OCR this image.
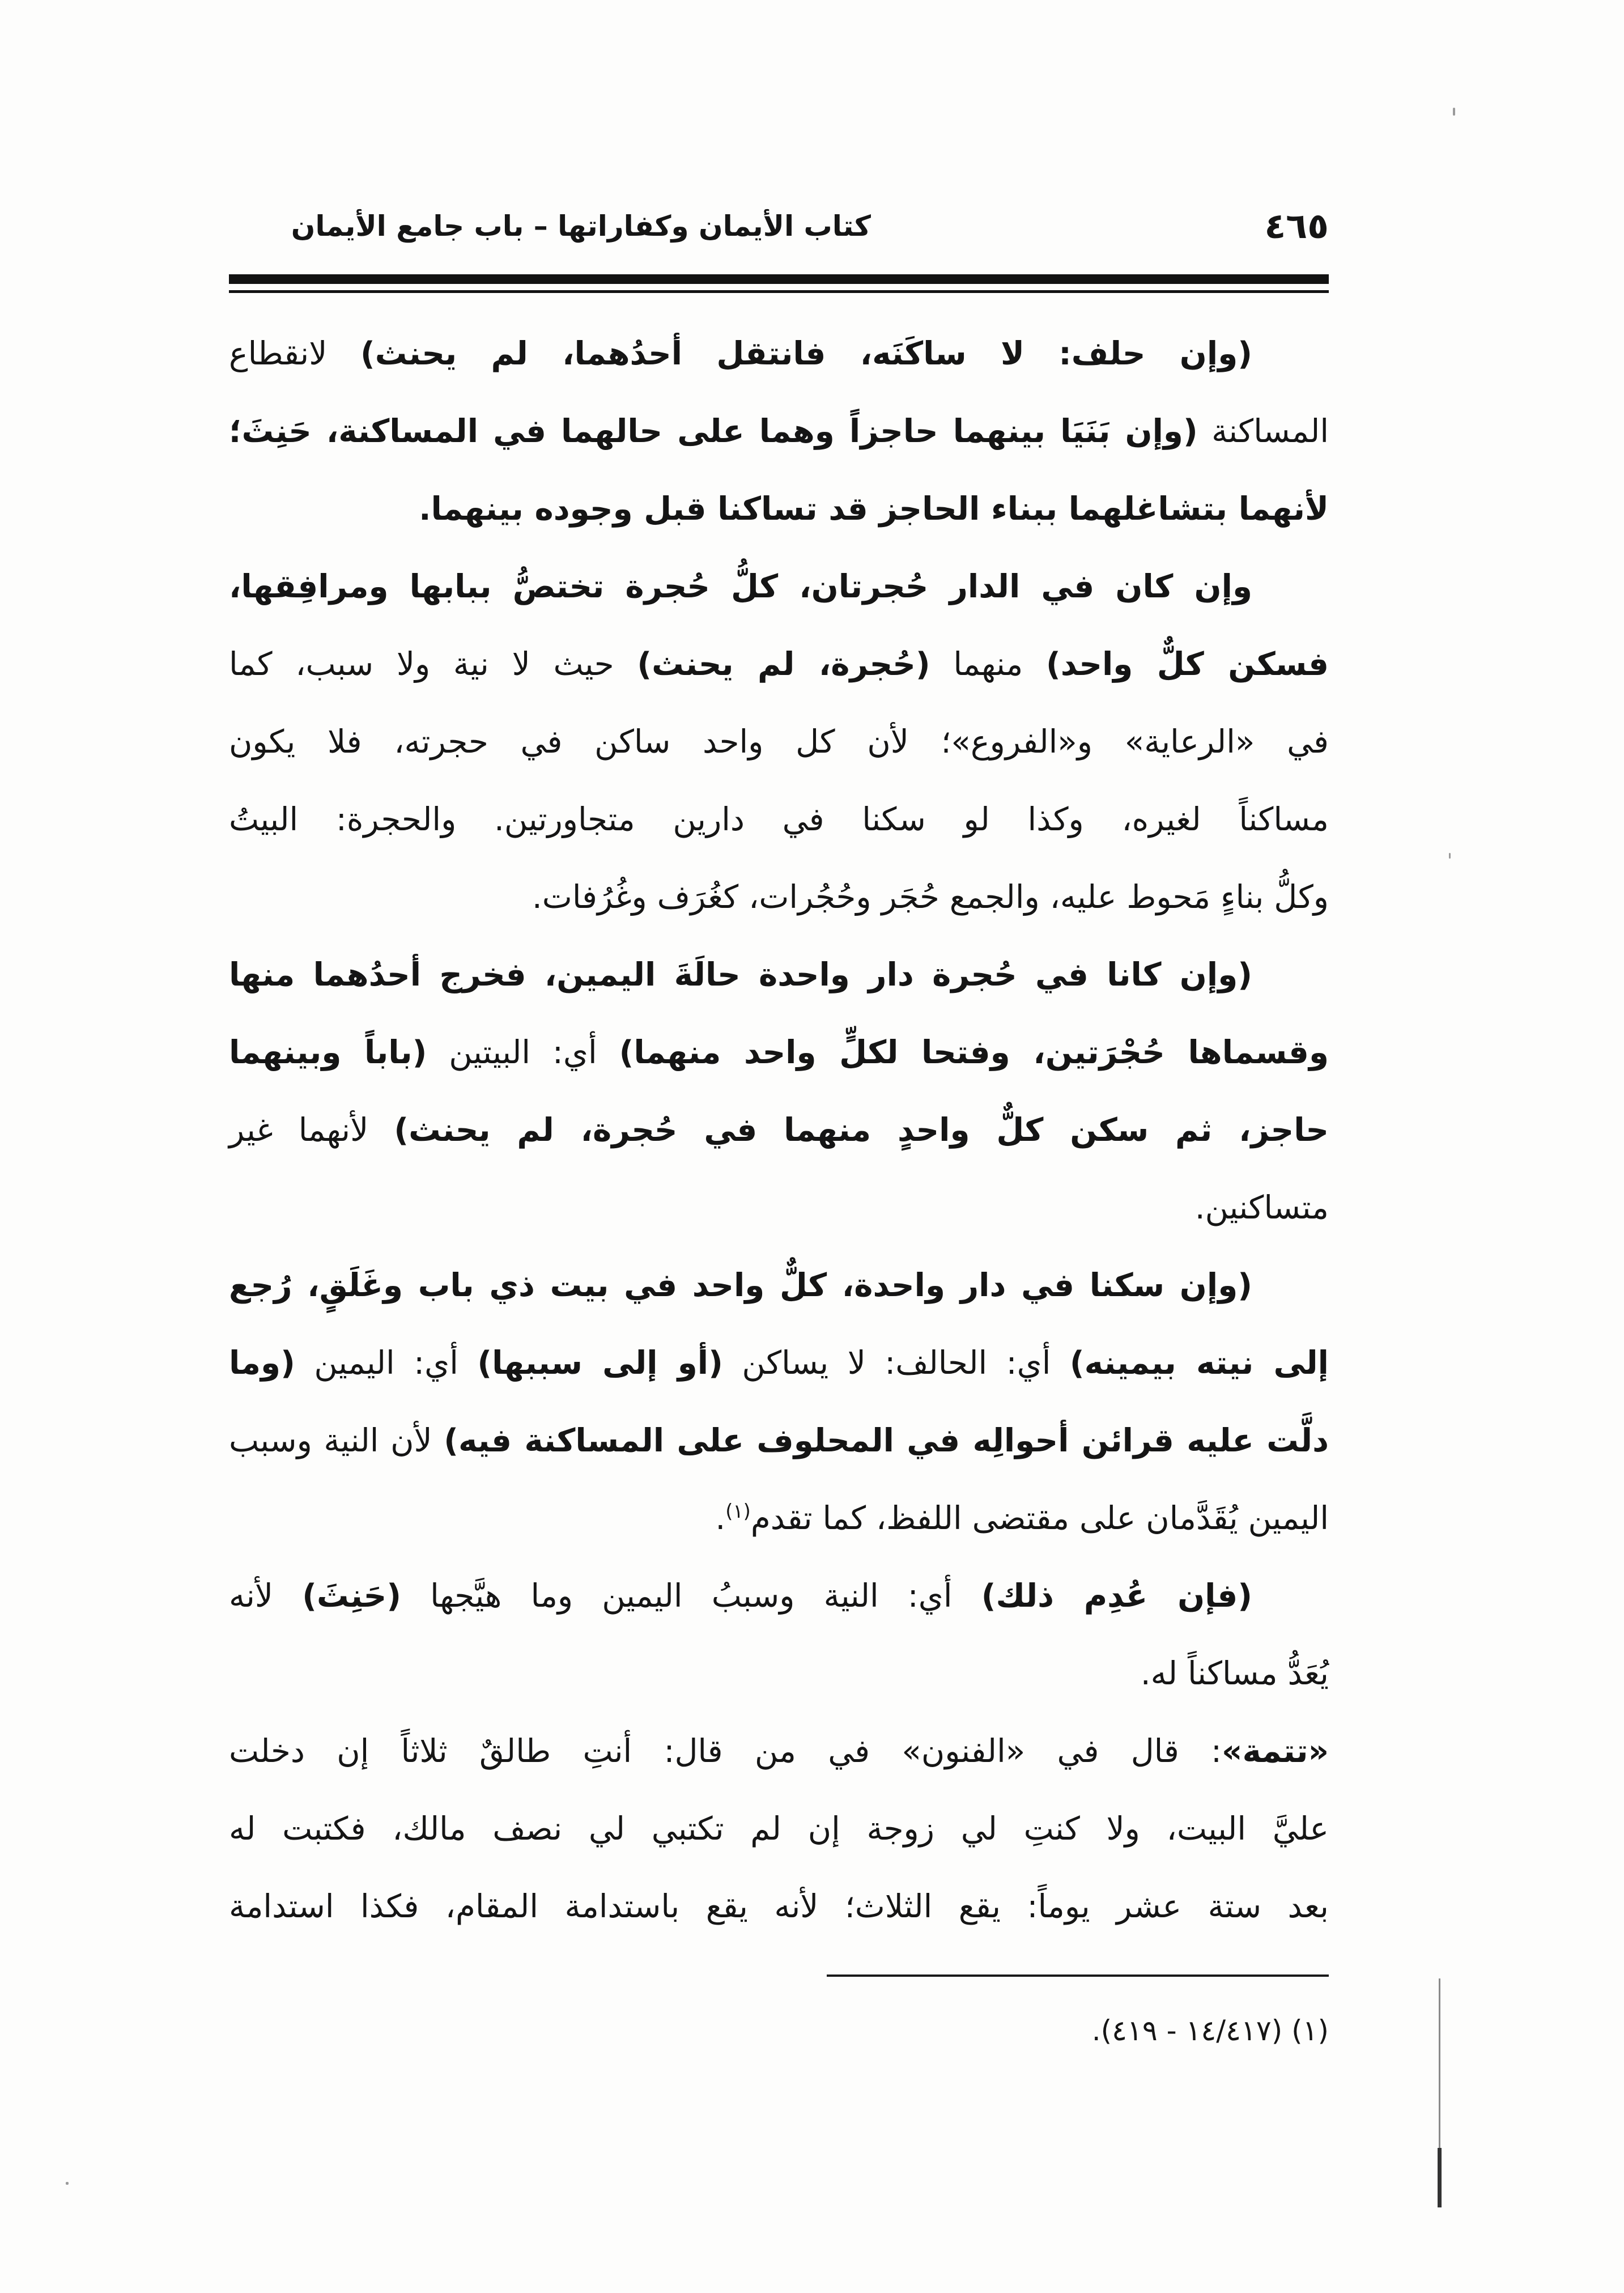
كتاب الأيمان وكفاراتها – باب جامع الأيمان	٤٦٥
(وإن حلف: لا ساكَنَه، فانتقل أحدُهما، لم يحنث) لانقطاع
المساكنة (وإن بَنَيَا بينهما حاجزاً وهما على حالهما في المساكنة، حَنِثَ؛
لأنهما بتشاغلهما ببناء الحاجز قد تساكنا قبل وجوده بينهما.
وإن كان في الدار حُجرتان، كلُّ حُجرة تختصُّ ببابها ومرافِقها،
فسكن كلٌّ واحد) منهما (حُجرة، لم يحنث) حيث لا نية ولا سبب، كما
في «الرعاية» و«الفروع»؛ لأن كل واحد ساكن في حجرته، فلا يكون
مساكناً لغيره، وكذا لو سكنا في دارين متجاورتين. والحجرة: البيتُ
وكلُّ بناءٍ مَحوط عليه، والجمع حُجَر وحُجُرات، كغُرَف وغُرُفات.
(وإن كانا في حُجرة دار واحدة حالَةَ اليمين، فخرج أحدُهما منها
وقسماها حُجْرَتين، وفتحا لكلٍّ واحد منهما) أي: البيتين (باباً وبينهما
حاجز، ثم سكن كلٌّ واحدٍ منهما في حُجرة، لم يحنث) لأنهما غير
متساكنين.
(وإن سكنا في دار واحدة، كلٌّ واحد في بيت ذي باب وغَلَقٍ، رُجع
إلى نيته بيمينه) أي: الحالف: لا يساكن (أو إلى سببها) أي: اليمين (وما
دلَّت عليه قرائن أحوالِه في المحلوف على المساكنة فيه) لأن النية وسبب
اليمين يُقَدَّمان على مقتضى اللفظ، كما تقدم$^{(١)}$.
(فإن عُدِم ذلك) أي: النية وسببُ اليمين وما هيَّجها (حَنِثَ) لأنه
يُعَدُّ مساكناً له.
«تتمة»: قال في «الفنون» في من قال: أنتِ طالقٌ ثلاثاً إن دخلت
عليَّ البيت، ولا كنتِ لي زوجة إن لم تكتبي لي نصف مالك، فكتبت له
بعد ستة عشر يوماً: يقع الثلاث؛ لأنه يقع باستدامة المقام، فكذا استدامة
(١) (١٤/٤١٧ - ٤١٩).
